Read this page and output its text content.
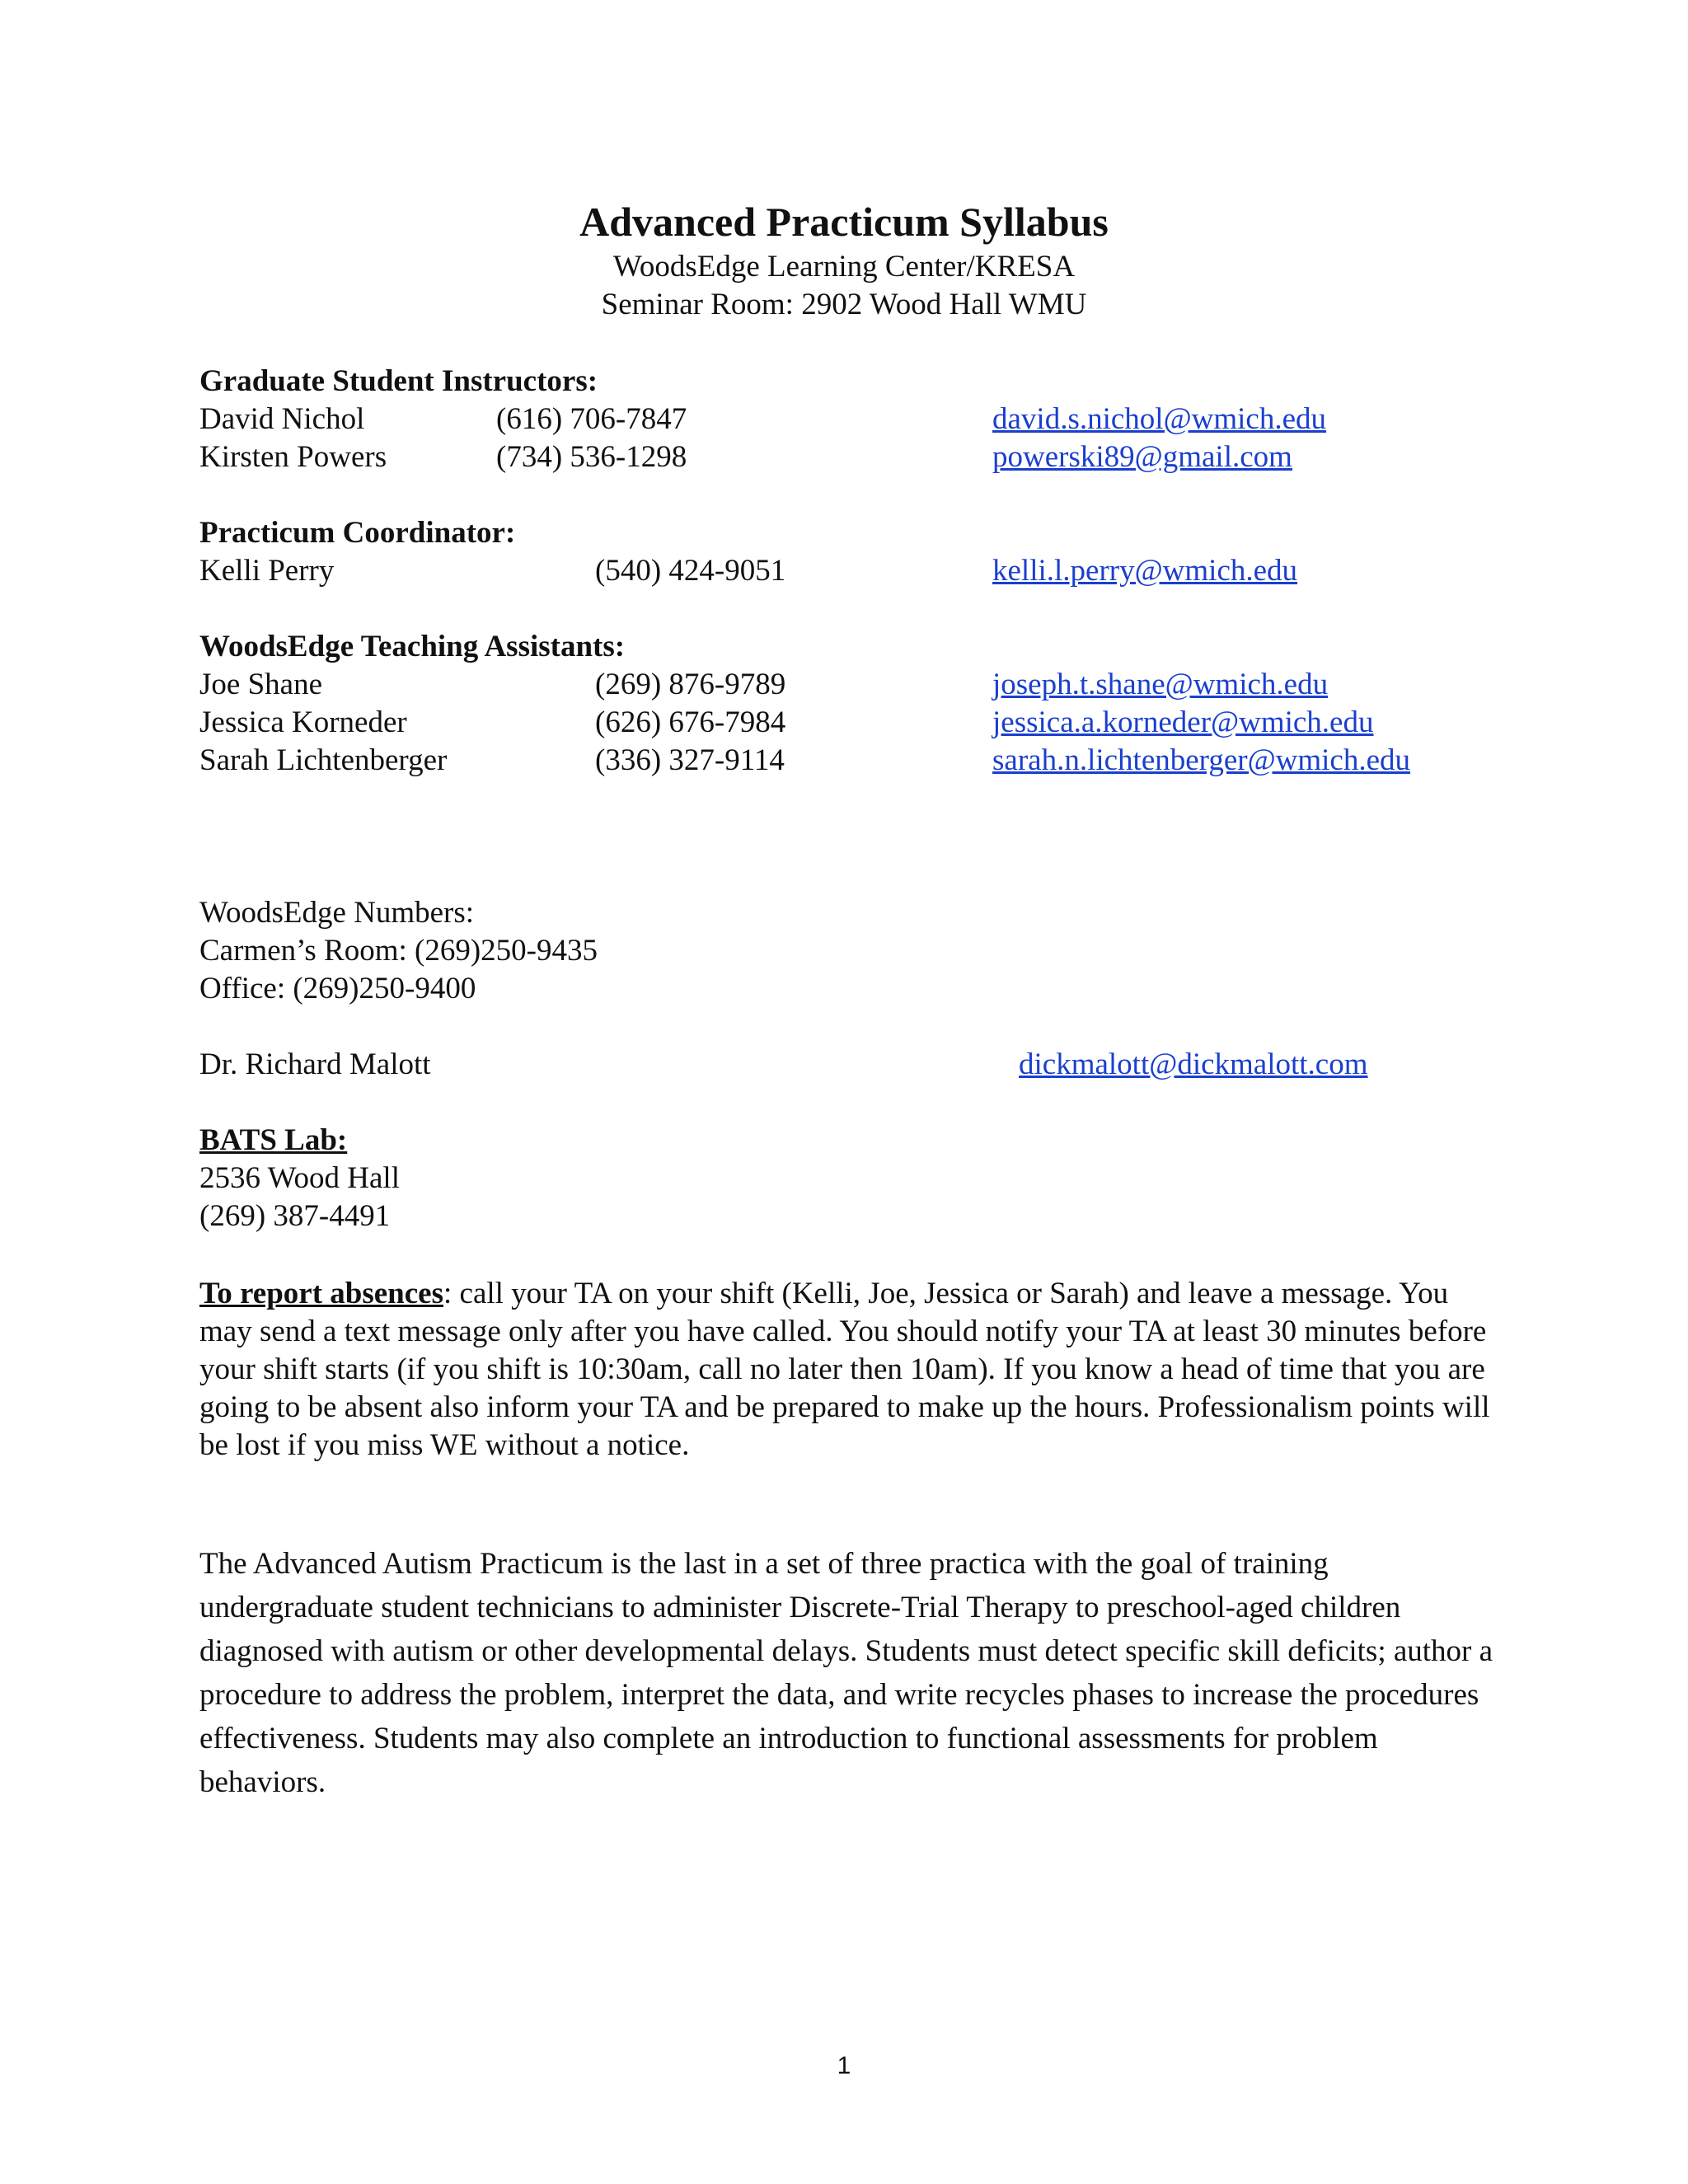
Advanced Practicum Syllabus
WoodsEdge Learning Center/KRESA
Seminar Room: 2902 Wood Hall WMU
Graduate Student Instructors:
David Nichol	(616) 706-7847	david.s.nichol@wmich.edu
Kirsten Powers	(734) 536-1298	powerski89@gmail.com
Practicum Coordinator:
Kelli Perry	(540) 424-9051	kelli.l.perry@wmich.edu
WoodsEdge Teaching Assistants:
Joe Shane	(269) 876-9789	joseph.t.shane@wmich.edu
Jessica Korneder	(626) 676-7984	jessica.a.korneder@wmich.edu
Sarah Lichtenberger	(336) 327-9114	sarah.n.lichtenberger@wmich.edu
WoodsEdge Numbers:
Carmen’s Room: (269)250-9435
Office: (269)250-9400
Dr. Richard Malott	dickmalott@dickmalott.com
BATS Lab:
2536 Wood Hall
(269) 387-4491
To report absences: call your TA on your shift (Kelli, Joe, Jessica or Sarah) and leave a message. You may send a text message only after you have called. You should notify your TA at least 30 minutes before your shift starts (if you shift is 10:30am, call no later then 10am). If you know a head of time that you are going to be absent also inform your TA and be prepared to make up the hours. Professionalism points will be lost if you miss WE without a notice.
The Advanced Autism Practicum is the last in a set of three practica with the goal of training undergraduate student technicians to administer Discrete-Trial Therapy to preschool-aged children diagnosed with autism or other developmental delays. Students must detect specific skill deficits; author a procedure to address the problem, interpret the data, and write recycles phases to increase the procedures effectiveness. Students may also complete an introduction to functional assessments for problem behaviors.
1
